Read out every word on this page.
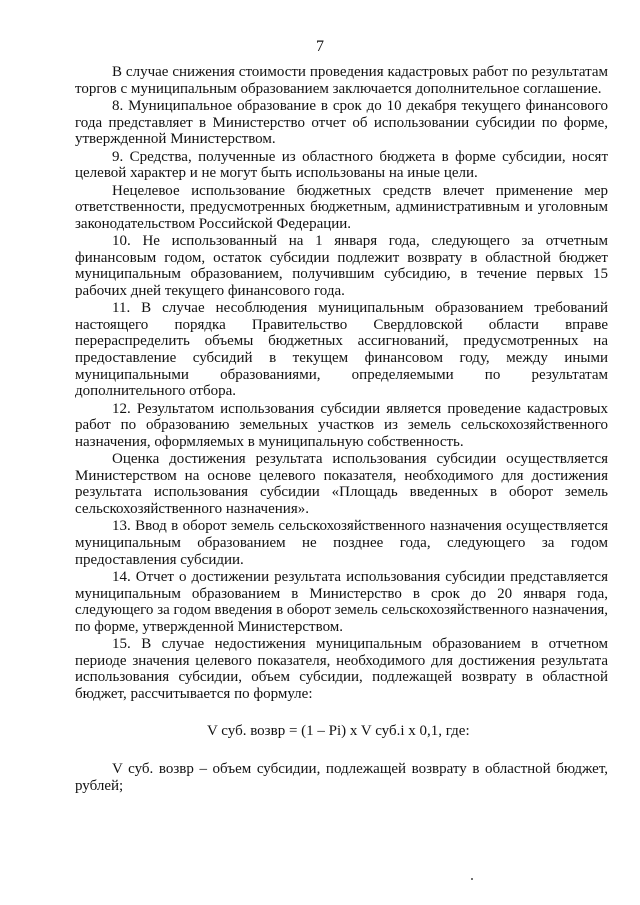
7

В случае снижения стоимости проведения кадастровых работ по результатам торгов с муниципальным образованием заключается дополнительное соглашение.

8. Муниципальное образование в срок до 10 декабря текущего финансового года представляет в Министерство отчет об использовании субсидии по форме, утвержденной Министерством.

9. Средства, полученные из областного бюджета в форме субсидии, носят целевой характер и не могут быть использованы на иные цели.

Нецелевое использование бюджетных средств влечет применение мер ответственности, предусмотренных бюджетным, административным и уголовным законодательством Российской Федерации.

10. Не использованный на 1 января года, следующего за отчетным финансовым годом, остаток субсидии подлежит возврату в областной бюджет муниципальным образованием, получившим субсидию, в течение первых 15 рабочих дней текущего финансового года.

11. В случае несоблюдения муниципальным образованием требований настоящего порядка Правительство Свердловской области вправе перераспределить объемы бюджетных ассигнований, предусмотренных на предоставление субсидий в текущем финансовом году, между иными муниципальными образованиями, определяемыми по результатам дополнительного отбора.

12. Результатом использования субсидии является проведение кадастровых работ по образованию земельных участков из земель сельскохозяйственного назначения, оформляемых в муниципальную собственность.

Оценка достижения результата использования субсидии осуществляется Министерством на основе целевого показателя, необходимого для достижения результата использования субсидии «Площадь введенных в оборот земель сельскохозяйственного назначения».

13. Ввод в оборот земель сельскохозяйственного назначения осуществляется муниципальным образованием не позднее года, следующего за годом предоставления субсидии.

14. Отчет о достижении результата использования субсидии представляется муниципальным образованием в Министерство в срок до 20 января года, следующего за годом введения в оборот земель сельскохозяйственного назначения, по форме, утвержденной Министерством.

15. В случае недостижения муниципальным образованием в отчетном периоде значения целевого показателя, необходимого для достижения результата использования субсидии, объем субсидии, подлежащей возврату в областной бюджет, рассчитывается по формуле:

V суб. возвр = (1 – Pi) x V суб.i x 0,1, где:

V суб. возвр – объем субсидии, подлежащей возврату в областной бюджет, рублей;
